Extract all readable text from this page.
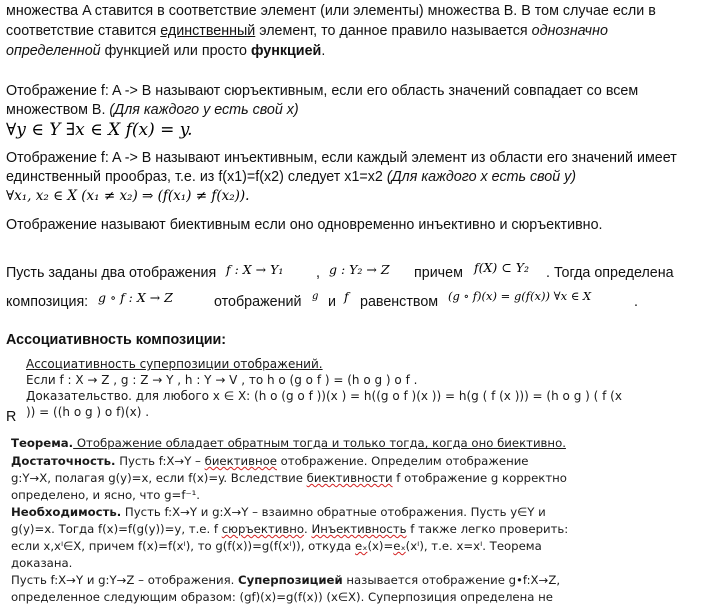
множества A ставится в соответствие элемент (или элементы) множества B. В том случае если в
соответствие ставится единственный элемент, то данное правило называется однозначно
определенной функцией или просто функцией.
Отображение f: A -> B называют сюръективным, если его область значений совпадает со всем
множеством B. (Для каждого y есть свой x)
∀y ∈ Y ∃x ∈ X f(x) = y.
Отображение f: A -> B называют инъективным, если каждый элемент из области его значений имеет
единственный прообраз, т.е. из f(x1)=f(x2) следует x1=x2 (Для каждого x есть свой y)
∀x₁, x₂ ∈ X (x₁ ≠ x₂) ⇒ (f(x₁) ≠ f(x₂)).
Отображение называют биективным если оно одновременно инъективно и сюръективно.
Пусть заданы два отображения f : X → Y₁ , g : Y₂ → Z причем f(X) ⊂ Y₂ . Тогда определена
композиция: g ∘ f : X → Z	отображений g и f равенством (g ∘ f)(x) = g(f(x)) ∀x ∈ X	.
Ассоциативность композиции:
Ассоциативность суперпозиции отображений.
Если f : X → Z , g : Z → Y , h : Y → V , то h o (g o f ) = (h o g ) o f .
Доказательство. для любого x ∈ X: (h o (g o f ))(x ) = h((g o f )(x )) = h(g ( f (x ))) = (h o g ) ( f (x
)) = ((h o g ) o f)(x) .
R
Теорема. Отображение обладает обратным тогда и только тогда, когда оно биективно.
Достаточность. Пусть f:X→Y – биективное отображение. Определим отображение
g:Y→X, полагая g(y)=x, если f(x)=y. Вследствие биективности f отображение g корректно
определено, и ясно, что g=f⁻¹.
Необходимость. Пусть f:X→Y и g:X→Y – взаимно обратные отображения. Пусть y∈Y и
g(y)=x. Тогда f(x)=f(g(y))=y, т.е. f сюръективно. Инъективность f также легко проверить:
если x,xᴵ∈X, причем f(x)=f(xᴵ), то g(f(x))=g(f(xᴵ)), откуда eₓ(x)=eₓ(xᴵ), т.е. x=xᴵ. Теорема
доказана.
Пусть f:X→Y и g:Y→Z – отображения. Суперпозицией называется отображение g•f:X→Z,
определенное следующим образом: (gf)(x)=g(f(x)) (x∈X). Суперпозиция определена не
